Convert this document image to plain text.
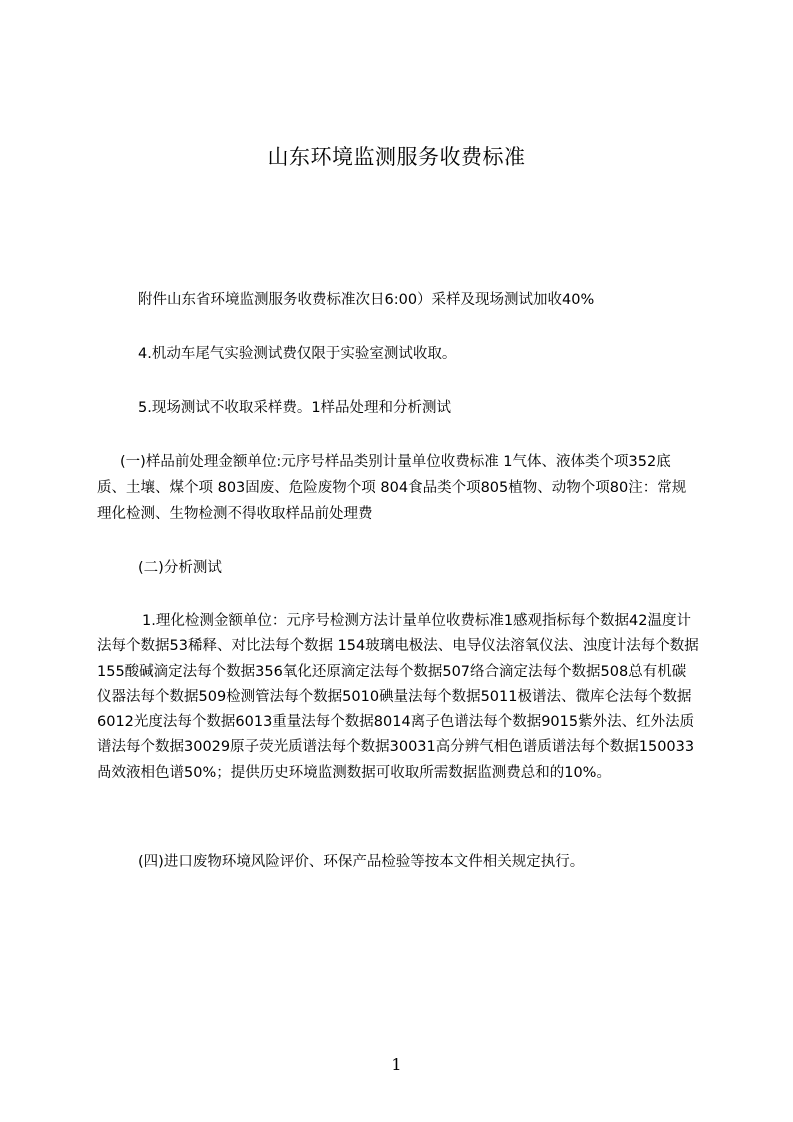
山东环境监测服务收费标准

附件山东省环境监测服务收费标准次日6:00）采样及现场测试加收40%

4.机动车尾气实验测试费仅限于实验室测试收取。

5.现场测试不收取采样费。1样品处理和分析测试

(一)样品前处理金额单位:元序号样品类别计量单位收费标准 1气体、液体类个项352底质、土壤、煤个项 803固废、危险废物个项 804食品类个项805植物、动物个项80注：常规理化检测、生物检测不得收取样品前处理费

(二)分析测试

1.理化检测金额单位：元序号检测方法计量单位收费标准1感观指标每个数据42温度计法每个数据53稀释、对比法每个数据 154玻璃电极法、电导仪法溶氧仪法、浊度计法每个数据155酸碱滴定法每个数据356氧化还原滴定法每个数据507络合滴定法每个数据508总有机碳仪器法每个数据509检测管法每个数据5010碘量法每个数据5011极谱法、微库仑法每个数据6012光度法每个数据6013重量法每个数据8014离子色谱法每个数据9015紫外法、红外法质谱法每个数据30029原子荧光质谱法每个数据30031高分辨气相色谱质谱法每个数据150033咼效液相色谱50%；提供历史环境监测数据可收取所需数据监测费总和的10%。

(四)进口废物环境风险评价、环保产品检验等按本文件相关规定执行。

1
